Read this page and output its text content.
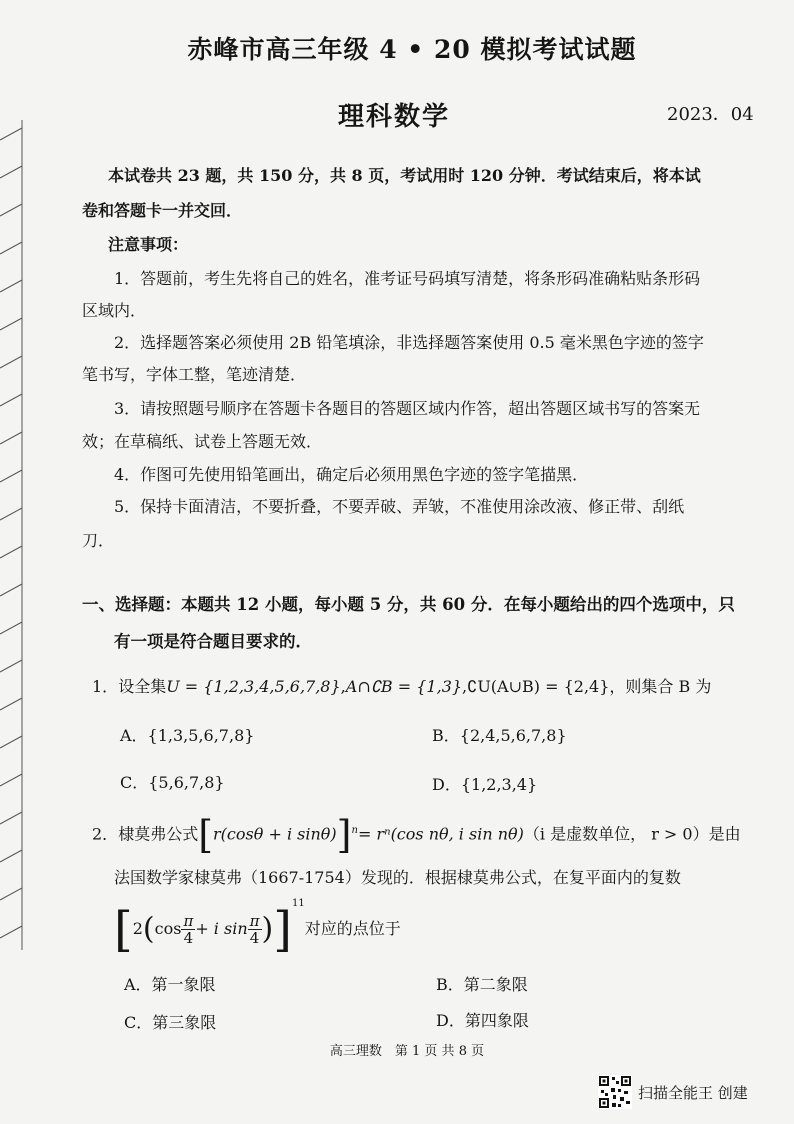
赤峰市高三年级 4 • 20 模拟考试试题
理科数学	2023．04
本试卷共 23 题，共 150 分，共 8 页，考试用时 120 分钟．考试结束后，将本试
卷和答题卡一并交回．
注意事项：
1．答题前，考生先将自己的姓名，准考证号码填写清楚，将条形码准确粘贴条形码
区域内．
2．选择题答案必须使用 2B 铅笔填涂，非选择题答案使用 0.5 毫米黑色字迹的签字
笔书写，字体工整，笔迹清楚．
3．请按照题号顺序在答题卡各题目的答题区域内作答，超出答题区域书写的答案无
效；在草稿纸、试卷上答题无效．
4．作图可先使用铅笔画出，确定后必须用黑色字迹的签字笔描黑．
5．保持卡面清洁，不要折叠，不要弄破、弄皱，不准使用涂改液、修正带、刮纸
刀．
一、选择题：本题共 12 小题，每小题 5 分，共 60 分．在每小题给出的四个选项中，只
有一项是符合题目要求的．
1．设全集U = {1,2,3,4,5,6,7,8},A∩∁B = {1,3},∁U(A∪B) = {2,4}，则集合 B 为
A．{1,3,5,6,7,8}	B．{2,4,5,6,7,8}
C．{5,6,7,8}	D．{1,2,3,4}
2．棣莫弗公式[r(cosθ + i sinθ)]$^n$= rⁿ(cos nθ, i sin nθ)（i 是虚数单位， r > 0）是由
法国数学家棣莫弗（1667-1754）发现的．根据棣莫弗公式，在复平面内的复数
[$2(\cos \frac{\pi}{4} + i$ $\sin \frac{\pi}{4} )]^{11}$对应的点位于
A．第一象限	B．第二象限
C．第三象限	D．第四象限
高三理数　第 1 页 共 8 页
扫描全能王 创建
